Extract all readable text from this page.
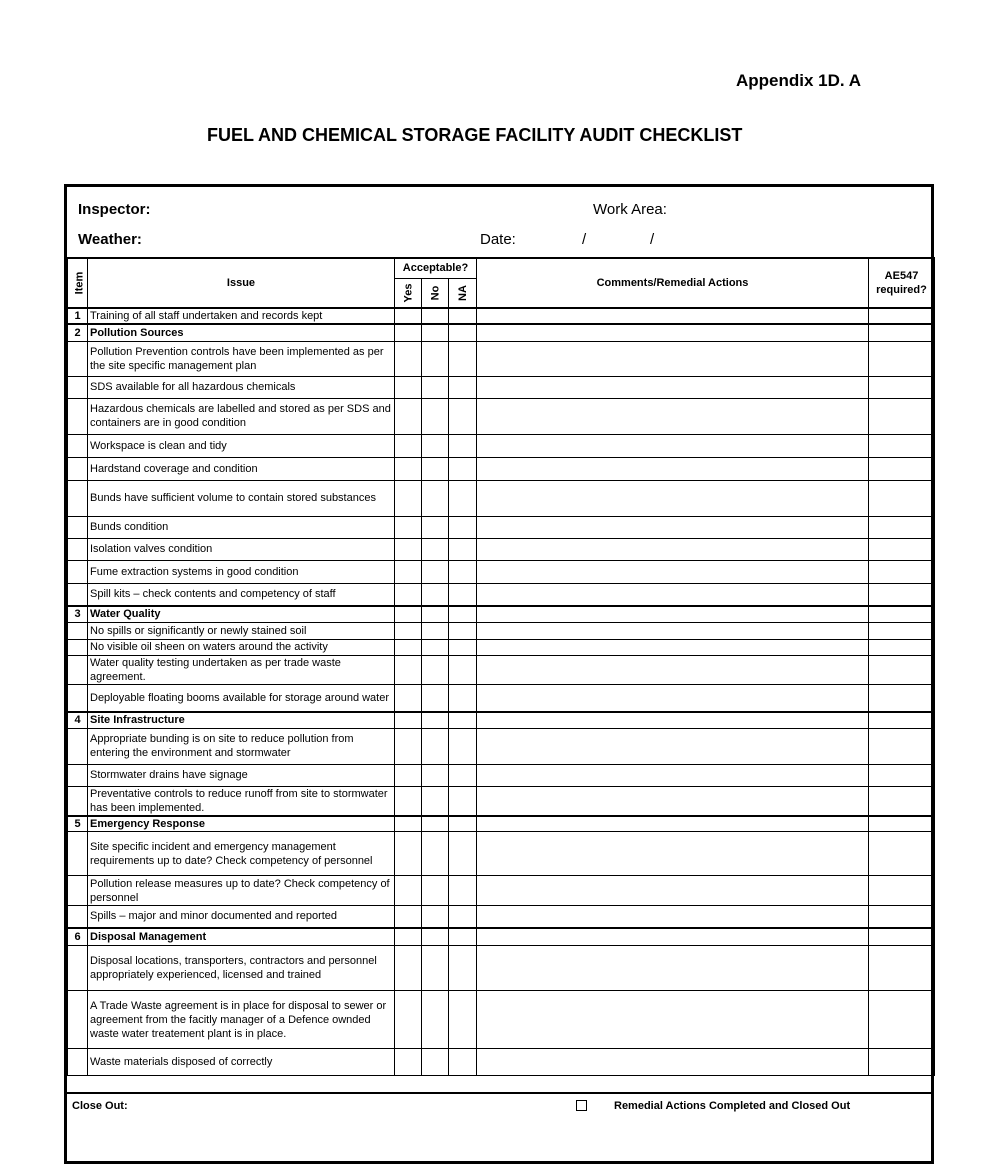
Appendix 1D. A
FUEL AND CHEMICAL STORAGE FACILITY AUDIT CHECKLIST
Inspector:	Work Area:
Weather:	Date:	/	/
Item	Issue	Acceptable?			Comments/Remedial Actions	AE547
required?
		Yes	No	NA		
1	Training of all staff undertaken and records kept					
2	Pollution Sources					
	Pollution Prevention controls have been implemented as per the site specific management plan					
	SDS available for all hazardous chemicals					
	Hazardous chemicals are labelled and stored as per SDS and containers are in good condition					
	Workspace is clean and tidy					
	Hardstand coverage and condition					
	Bunds have sufficient volume to contain stored substances					
	Bunds condition					
	Isolation valves condition					
	Fume extraction systems in good condition					
	Spill kits – check contents and competency of staff					
3	Water Quality					
	No spills or significantly or newly stained soil					
	No visible oil sheen on waters around the activity					
	Water quality testing undertaken as per trade waste agreement.					
	Deployable floating booms available for storage around water					
4	Site Infrastructure					
	Appropriate bunding is on site to reduce pollution from entering the environment and stormwater					
	Stormwater drains have signage					
	Preventative controls to reduce runoff from site to stormwater has been implemented.					
5	Emergency Response					
	Site specific incident and emergency management requirements up to date? Check competency of personnel					
	Pollution release measures up to date? Check competency of personnel					
	Spills – major and minor documented and reported					
6	Disposal Management					
	Disposal locations, transporters, contractors and personnel appropriately experienced, licensed and trained					
	A Trade Waste agreement is in place for disposal to sewer or agreement from the facitly manager of a Defence ownded waste water treatement plant is in place.					
	Waste materials disposed of correctly					
Close Out:	Remedial Actions Completed and Closed Out
